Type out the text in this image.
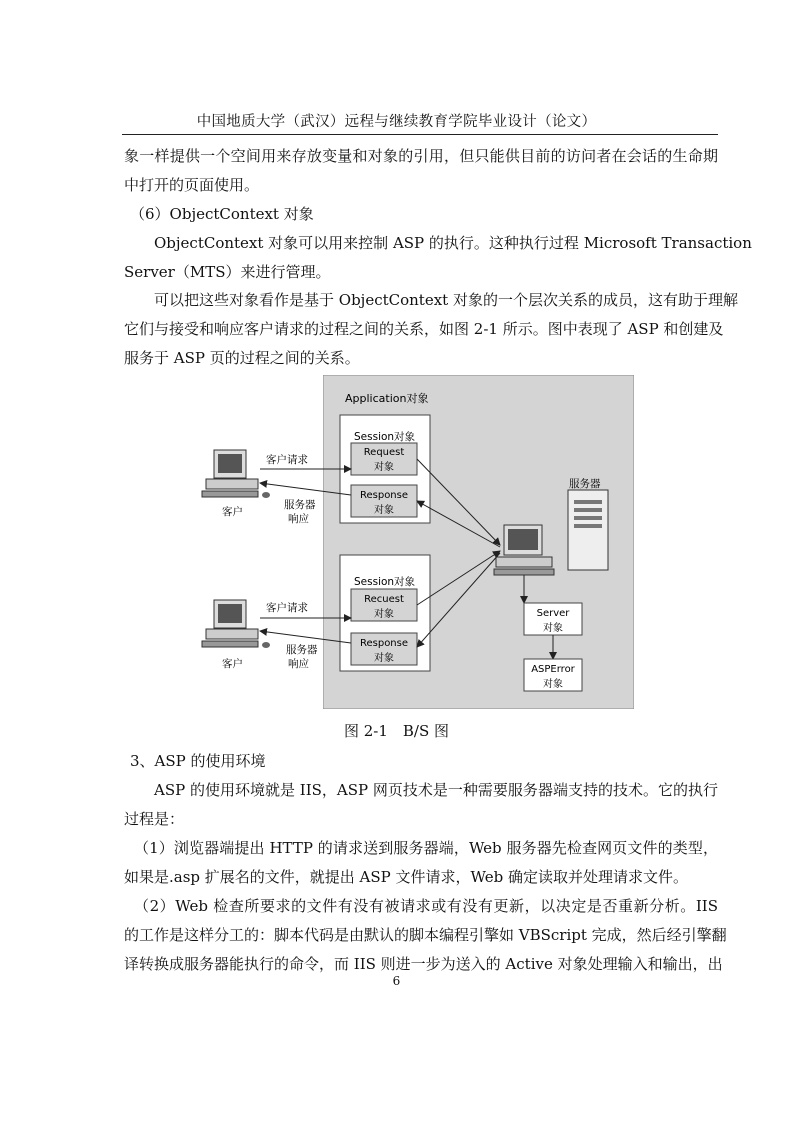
中国地质大学（武汉）远程与继续教育学院毕业设计（论文）
象一样提供一个空间用来存放变量和对象的引用，但只能供目前的访问者在会话的生命期
中打开的页面使用。
（6）ObjectContext 对象
ObjectContext 对象可以用来控制 ASP 的执行。这种执行过程 Microsoft Transaction
Server（MTS）来进行管理。
可以把这些对象看作是基于 ObjectContext 对象的一个层次关系的成员，这有助于理解
它们与接受和响应客户请求的过程之间的关系，如图 2-1 所示。图中表现了 ASP 和创建及
服务于 ASP 页的过程之间的关系。
Application对象
Session对象
Request
对象
Response
对象
Session对象
Recuest
对象
Response
对象
客户
客户请求
服务器
响应
客户
客户请求
服务器
响应
服务器
Server
对象
ASPError
对象
图 2-1　B/S 图
3、ASP 的使用环境
ASP 的使用环境就是 IIS，ASP 网页技术是一种需要服务器端支持的技术。它的执行
过程是：
（1）浏览器端提出 HTTP 的请求送到服务器端，Web 服务器先检查网页文件的类型，
如果是.asp 扩展名的文件，就提出 ASP 文件请求，Web 确定读取并处理请求文件。
（2）Web 检查所要求的文件有没有被请求或有没有更新，以决定是否重新分析。IIS
的工作是这样分工的：脚本代码是由默认的脚本编程引擎如 VBScript 完成，然后经引擎翻
译转换成服务器能执行的命令，而 IIS 则进一步为送入的 Active 对象处理输入和输出，出
6
